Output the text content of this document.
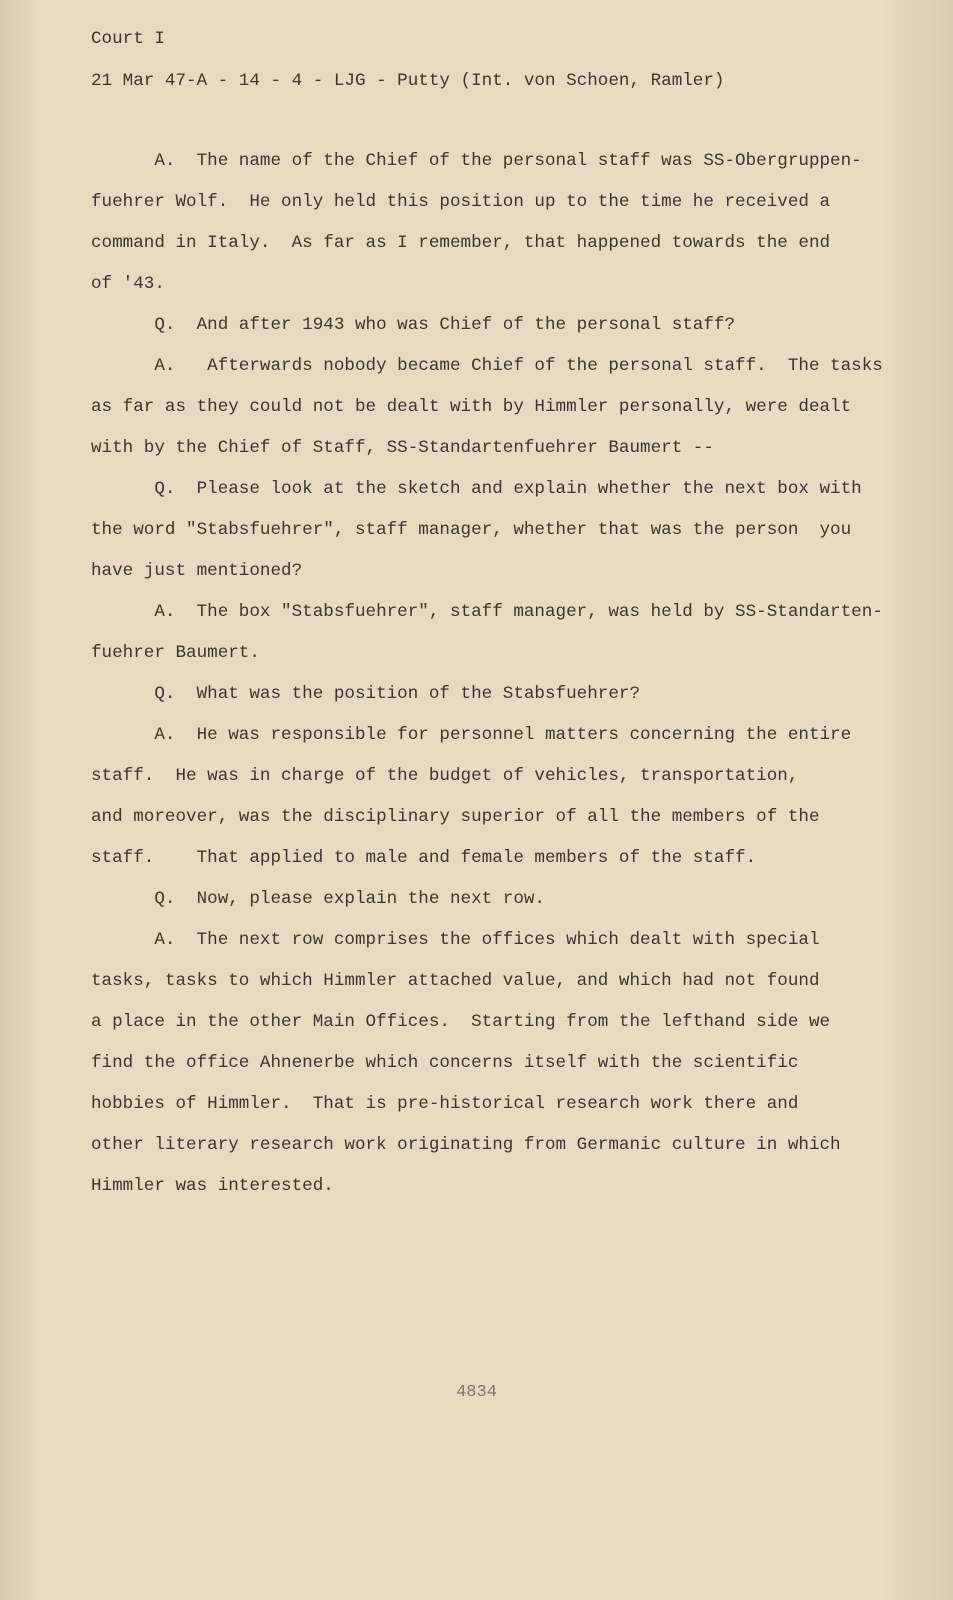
Court I
21 Mar 47-A - 14 - 4 - LJG - Putty (Int. von Schoen, Ramler)
A.  The name of the Chief of the personal staff was SS-Obergruppen-
fuehrer Wolf.  He only held this position up to the time he received a
command in Italy.  As far as I remember, that happened towards the end
of '43.
Q.  And after 1943 who was Chief of the personal staff?
A.   Afterwards nobody became Chief of the personal staff.  The tasks
as far as they could not be dealt with by Himmler personally, were dealt
with by the Chief of Staff, SS-Standartenfuehrer Baumert --
Q.  Please look at the sketch and explain whether the next box with
the word "Stabsfuehrer", staff manager, whether that was the person  you
have just mentioned?
A.  The box "Stabsfuehrer", staff manager, was held by SS-Standarten-
fuehrer Baumert.
Q.  What was the position of the Stabsfuehrer?
A.  He was responsible for personnel matters concerning the entire
staff.  He was in charge of the budget of vehicles, transportation,
and moreover, was the disciplinary superior of all the members of the
staff.    That applied to male and female members of the staff.
Q.  Now, please explain the next row.
A.  The next row comprises the offices which dealt with special
tasks, tasks to which Himmler attached value, and which had not found
a place in the other Main Offices.  Starting from the lefthand side we
find the office Ahnenerbe which concerns itself with the scientific
hobbies of Himmler.  That is pre-historical research work there and
other literary research work originating from Germanic culture in which
Himmler was interested.
4834
